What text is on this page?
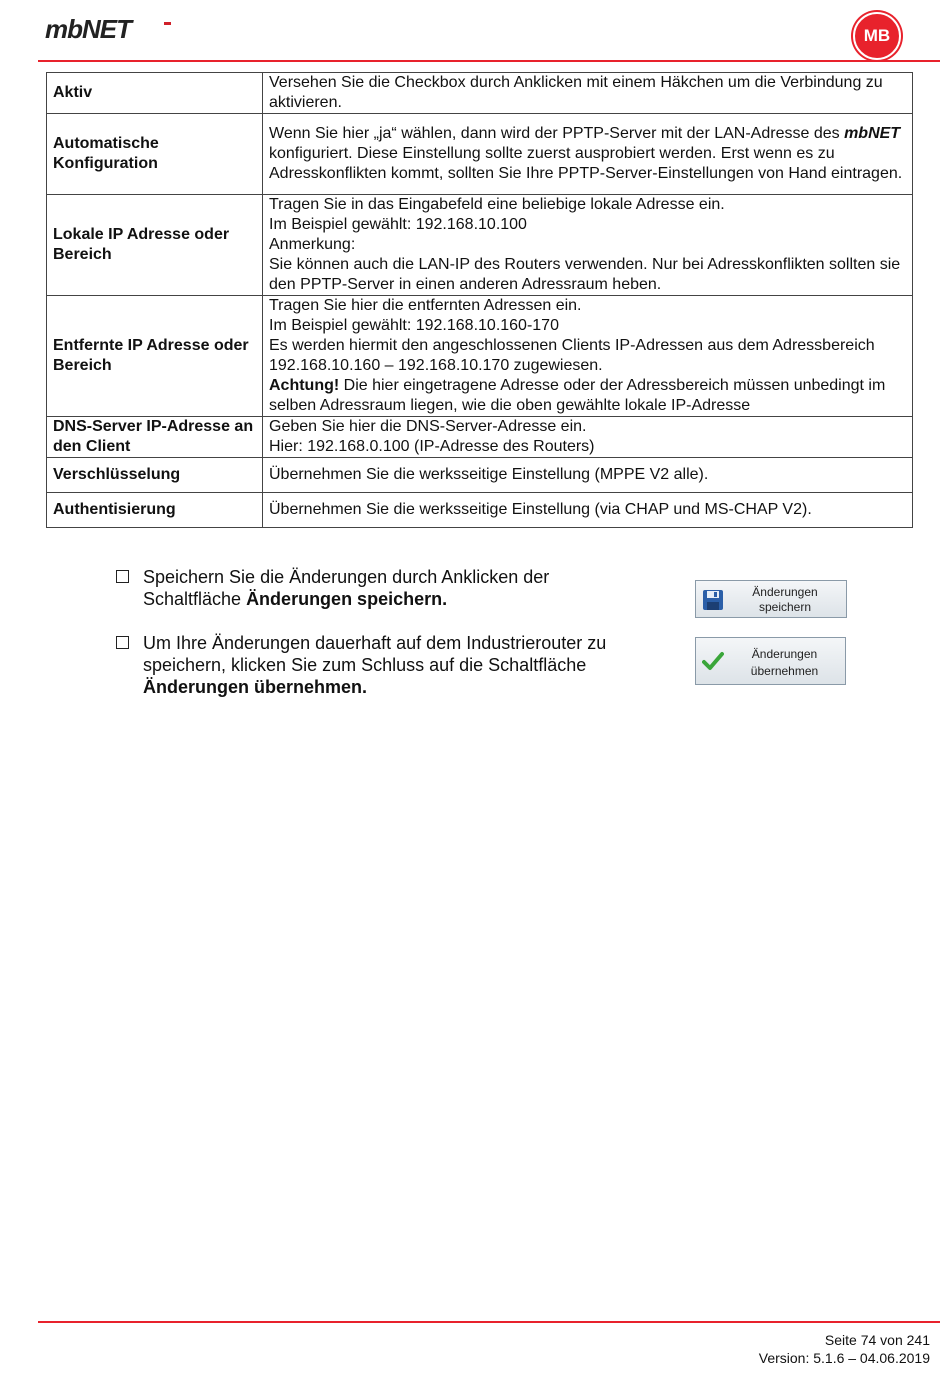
mbNET	MB
Aktiv	Versehen Sie die Checkbox durch Anklicken mit einem Häkchen um die Verbindung zu aktivieren.
Automatische Konfiguration	Wenn Sie hier „ja“ wählen, dann wird der PPTP-Server mit der LAN-Adresse des mbNET konfiguriert. Diese Einstellung sollte zuerst ausprobiert werden. Erst wenn es zu Adresskonflikten kommt, sollten Sie Ihre PPTP-Server-Einstellungen von Hand eintragen.
Lokale IP Adresse oder Bereich	Tragen Sie in das Eingabefeld eine beliebige lokale Adresse ein.
Im Beispiel gewählt: 192.168.10.100
Anmerkung:
Sie können auch die LAN-IP des Routers verwenden. Nur bei Adresskonflikten sollten sie den PPTP-Server in einen anderen Adressraum heben.

Entfernte IP Adresse oder Bereich	Tragen Sie hier die entfernten Adressen ein.
Im Beispiel gewählt: 192.168.10.160-170
Es werden hiermit den angeschlossenen Clients IP-Adressen aus dem Adressbereich 192.168.10.160 – 192.168.10.170 zugewiesen.
Achtung! Die hier eingetragene Adresse oder der Adressbereich müssen unbedingt im selben Adressraum liegen, wie die oben gewählte lokale IP-Adresse

DNS-Server IP-Adresse an den Client	Geben Sie hier die DNS-Server-Adresse ein.
Hier: 192.168.0.100 (IP-Adresse des Routers)

Verschlüsselung	Übernehmen Sie die werksseitige Einstellung (MPPE V2 alle).
Authentisierung	Übernehmen Sie die werksseitige Einstellung (via CHAP und MS-CHAP V2).
Speichern Sie die Änderungen durch Anklicken der Schaltfläche Änderungen speichern.
Um Ihre Änderungen dauerhaft auf dem Industrierouter zu speichern, klicken Sie zum Schluss auf die Schaltfläche Änderungen übernehmen.
Änderungen
speichern
Änderungen
übernehmen
Seite 74 von 241
Version: 5.1.6 – 04.06.2019
